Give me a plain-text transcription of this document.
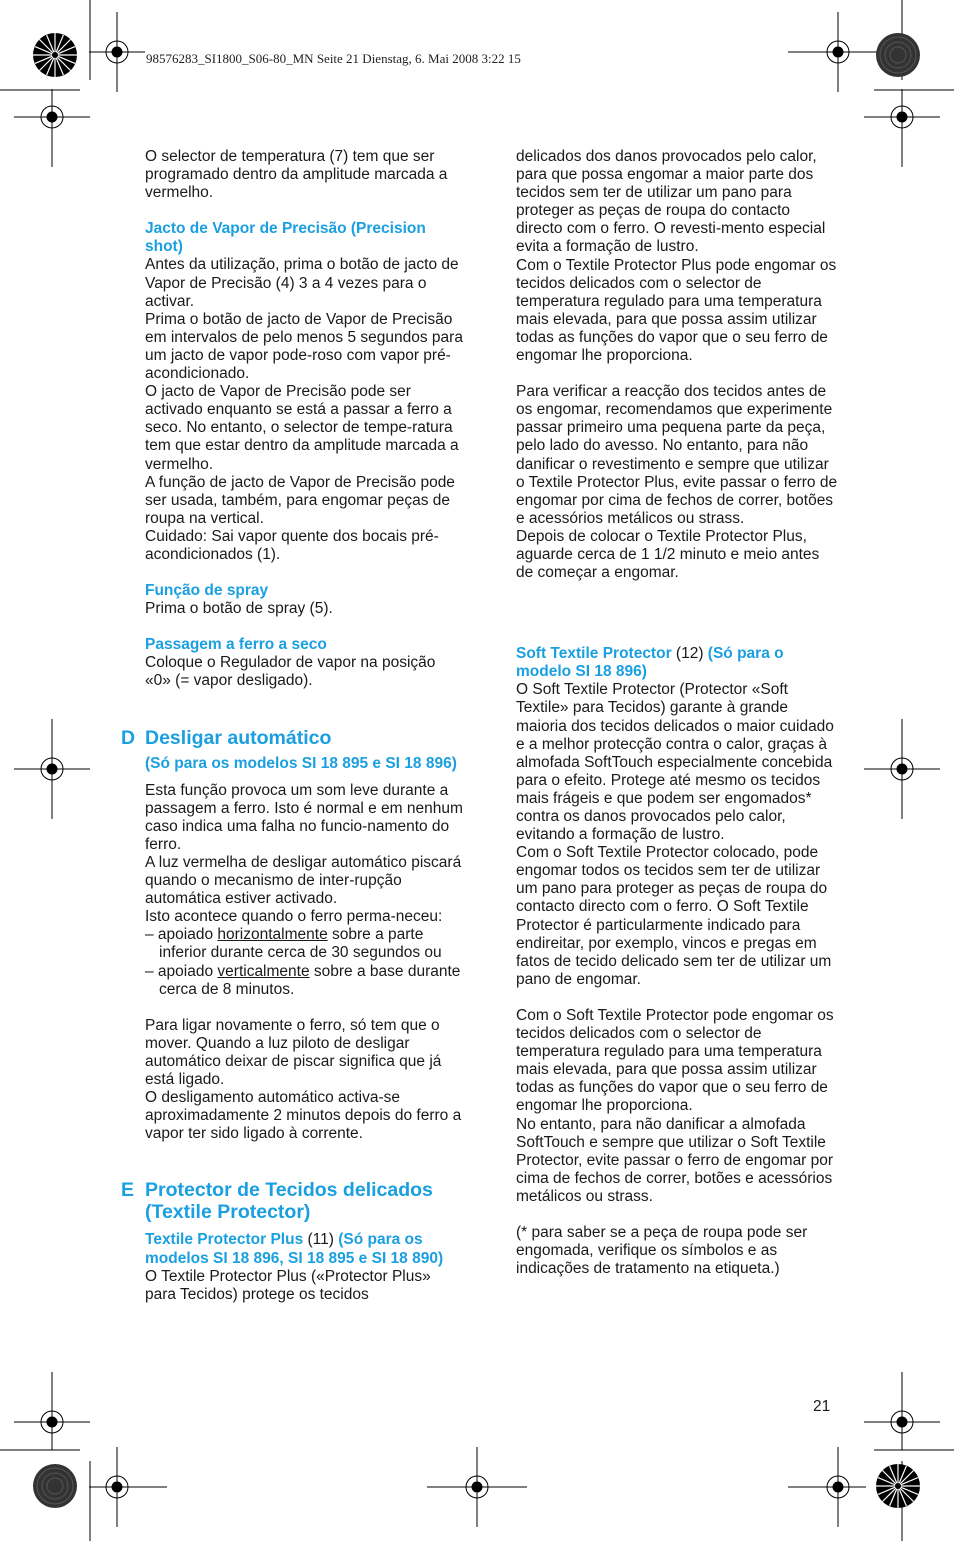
98576283_SI1800_S06-80_MN Seite 21 Dienstag, 6. Mai 2008 3:22 15

O selector de temperatura (7) tem que ser programado dentro da amplitude marcada a vermelho.

Jacto de Vapor de Precisão (Precision shot)

Antes da utilização, prima o botão de jacto de Vapor de Precisão (4) 3 a 4 vezes para o activar.

Prima o botão de jacto de Vapor de Precisão em intervalos de pelo menos 5 segundos para um jacto de vapor pode-roso com vapor pré-acondicionado.

O jacto de Vapor de Precisão pode ser activado enquanto se está a passar a ferro a seco. No entanto, o selector de tempe-ratura tem que estar dentro da amplitude marcada a vermelho.

A função de jacto de Vapor de Precisão pode ser usada, também, para engomar peças de roupa na vertical.

Cuidado: Sai vapor quente dos bocais pré-acondicionados (1).

Função de spray

Prima o botão de spray (5).

Passagem a ferro a seco

Coloque o Regulador de vapor na posição «0» (= vapor desligado).

D Desligar automático

(Só para os modelos SI 18 895 e SI 18 896)

Esta função provoca um som leve durante a passagem a ferro. Isto é normal e em nenhum caso indica uma falha no funcio-namento do ferro.

A luz vermelha de desligar automático piscará quando o mecanismo de inter-rupção automática estiver activado.

Isto acontece quando o ferro perma-neceu:

– apoiado horizontalmente sobre a parte inferior durante cerca de 30 segundos ou

– apoiado verticalmente sobre a base durante cerca de 8 minutos.

Para ligar novamente o ferro, só tem que o mover. Quando a luz piloto de desligar automático deixar de piscar significa que já está ligado.

O desligamento automático activa-se aproximadamente 2 minutos depois do ferro a vapor ter sido ligado à corrente.

E Protector de Tecidos delicados (Textile Protector)

Textile Protector Plus (11) (Só para os modelos SI 18 896, SI 18 895 e SI 18 890)

O Textile Protector Plus («Protector Plus» para Tecidos) protege os tecidos

delicados dos danos provocados pelo calor, para que possa engomar a maior parte dos tecidos sem ter de utilizar um pano para proteger as peças de roupa do contacto directo com o ferro. O revesti-mento especial evita a formação de lustro.

Com o Textile Protector Plus pode engomar os tecidos delicados com o selector de temperatura regulado para uma temperatura mais elevada, para que possa assim utilizar todas as funções do vapor que o seu ferro de engomar lhe proporciona.

Para verificar a reacção dos tecidos antes de os engomar, recomendamos que experimente passar primeiro uma pequena parte da peça, pelo lado do avesso. No entanto, para não danificar o revestimento e sempre que utilizar o Textile Protector Plus, evite passar o ferro de engomar por cima de fechos de correr, botões e acessórios metálicos ou strass.

Depois de colocar o Textile Protector Plus, aguarde cerca de 1 1/2 minuto e meio antes de começar a engomar.

Soft Textile Protector (12) (Só para o modelo SI 18 896)

O Soft Textile Protector (Protector «Soft Textile» para Tecidos) garante à grande maioria dos tecidos delicados o maior cuidado e a melhor protecção contra o calor, graças à almofada SoftTouch especialmente concebida para o efeito. Protege até mesmo os tecidos mais frágeis e que podem ser engomados* contra os danos provocados pelo calor, evitando a formação de lustro.

Com o Soft Textile Protector colocado, pode engomar todos os tecidos sem ter de utilizar um pano para proteger as peças de roupa do contacto directo com o ferro. O Soft Textile Protector é particularmente indicado para endireitar, por exemplo, vincos e pregas em fatos de tecido delicado sem ter de utilizar um pano de engomar.

Com o Soft Textile Protector pode engomar os tecidos delicados com o selector de temperatura regulado para uma temperatura mais elevada, para que possa assim utilizar todas as funções do vapor que o seu ferro de engomar lhe proporciona.

No entanto, para não danificar a almofada SoftTouch e sempre que utilizar o Soft Textile Protector, evite passar o ferro de engomar por cima de fechos de correr, botões e acessórios metálicos ou strass.

(* para saber se a peça de roupa pode ser engomada, verifique os símbolos e as indicações de tratamento na etiqueta.)

21
